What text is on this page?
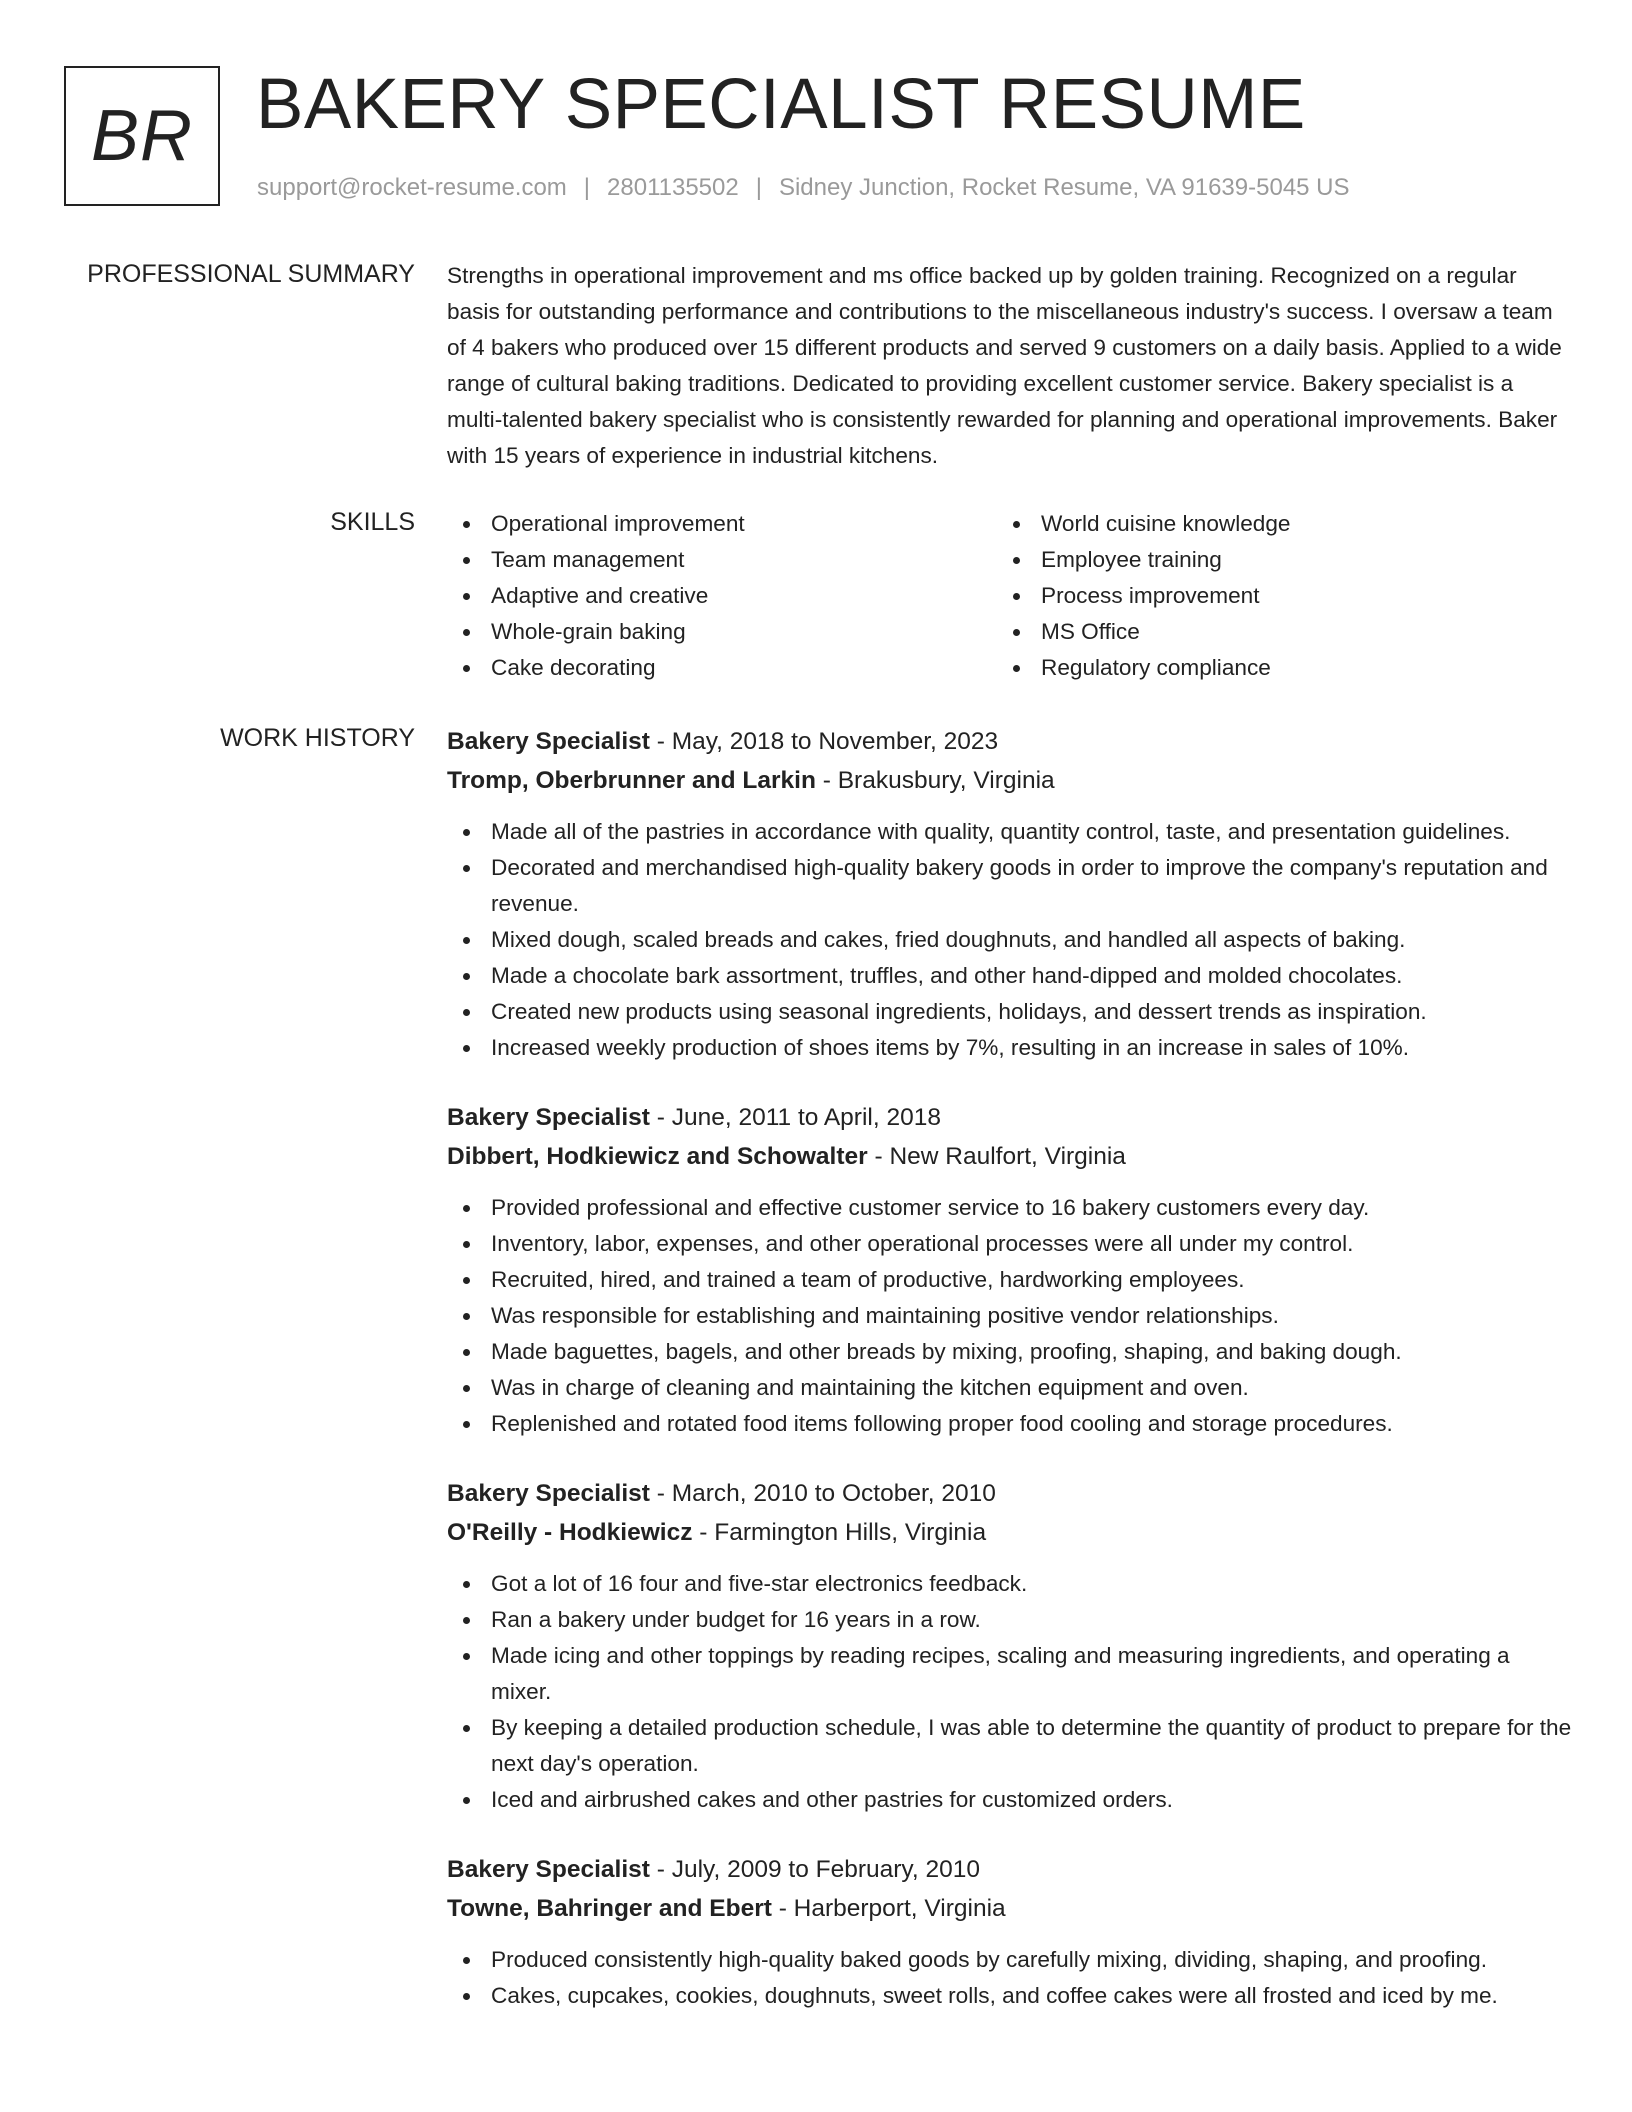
BR BAKERY SPECIALIST RESUME
support@rocket-resume.com | 2801135502 | Sidney Junction, Rocket Resume, VA 91639-5045 US
PROFESSIONAL SUMMARY Strengths in operational improvement and ms office backed up by golden training. Recognized on a regular basis for outstanding performance and contributions to the miscellaneous industry's success. I oversaw a team of 4 bakers who produced over 15 different products and served 9 customers on a daily basis. Applied to a wide range of cultural baking traditions. Dedicated to providing excellent customer service. Bakery specialist is a multi-talented bakery specialist who is consistently rewarded for planning and operational improvements. Baker with 15 years of experience in industrial kitchens.

SKILLS	Operational improvement
Team management
Adaptive and creative
Whole-grain baking
Cake decorating
World cuisine knowledge
Employee training
Process improvement
MS Office
Regulatory compliance
WORK HISTORY Bakery Specialist - May, 2018 to November, 2023
Tromp, Oberbrunner and Larkin - Brakusbury, Virginia
Made all of the pastries in accordance with quality, quantity control, taste, and presentation guidelines.
Decorated and merchandised high-quality bakery goods in order to improve the company's reputation and revenue.
Mixed dough, scaled breads and cakes, fried doughnuts, and handled all aspects of baking.
Made a chocolate bark assortment, truffles, and other hand-dipped and molded chocolates.
Created new products using seasonal ingredients, holidays, and dessert trends as inspiration.
Increased weekly production of shoes items by 7%, resulting in an increase in sales of 10%.
Bakery Specialist - June, 2011 to April, 2018
Dibbert, Hodkiewicz and Schowalter - New Raulfort, Virginia
Provided professional and effective customer service to 16 bakery customers every day.
Inventory, labor, expenses, and other operational processes were all under my control.
Recruited, hired, and trained a team of productive, hardworking employees.
Was responsible for establishing and maintaining positive vendor relationships.
Made baguettes, bagels, and other breads by mixing, proofing, shaping, and baking dough.
Was in charge of cleaning and maintaining the kitchen equipment and oven.
Replenished and rotated food items following proper food cooling and storage procedures.
Bakery Specialist - March, 2010 to October, 2010
O'Reilly - Hodkiewicz - Farmington Hills, Virginia
Got a lot of 16 four and five-star electronics feedback.
Ran a bakery under budget for 16 years in a row.
Made icing and other toppings by reading recipes, scaling and measuring ingredients, and operating a mixer.
By keeping a detailed production schedule, I was able to determine the quantity of product to prepare for the next day's operation.
Iced and airbrushed cakes and other pastries for customized orders.
Bakery Specialist - July, 2009 to February, 2010
Towne, Bahringer and Ebert - Harberport, Virginia
Produced consistently high-quality baked goods by carefully mixing, dividing, shaping, and proofing.
Cakes, cupcakes, cookies, doughnuts, sweet rolls, and coffee cakes were all frosted and iced by me.
